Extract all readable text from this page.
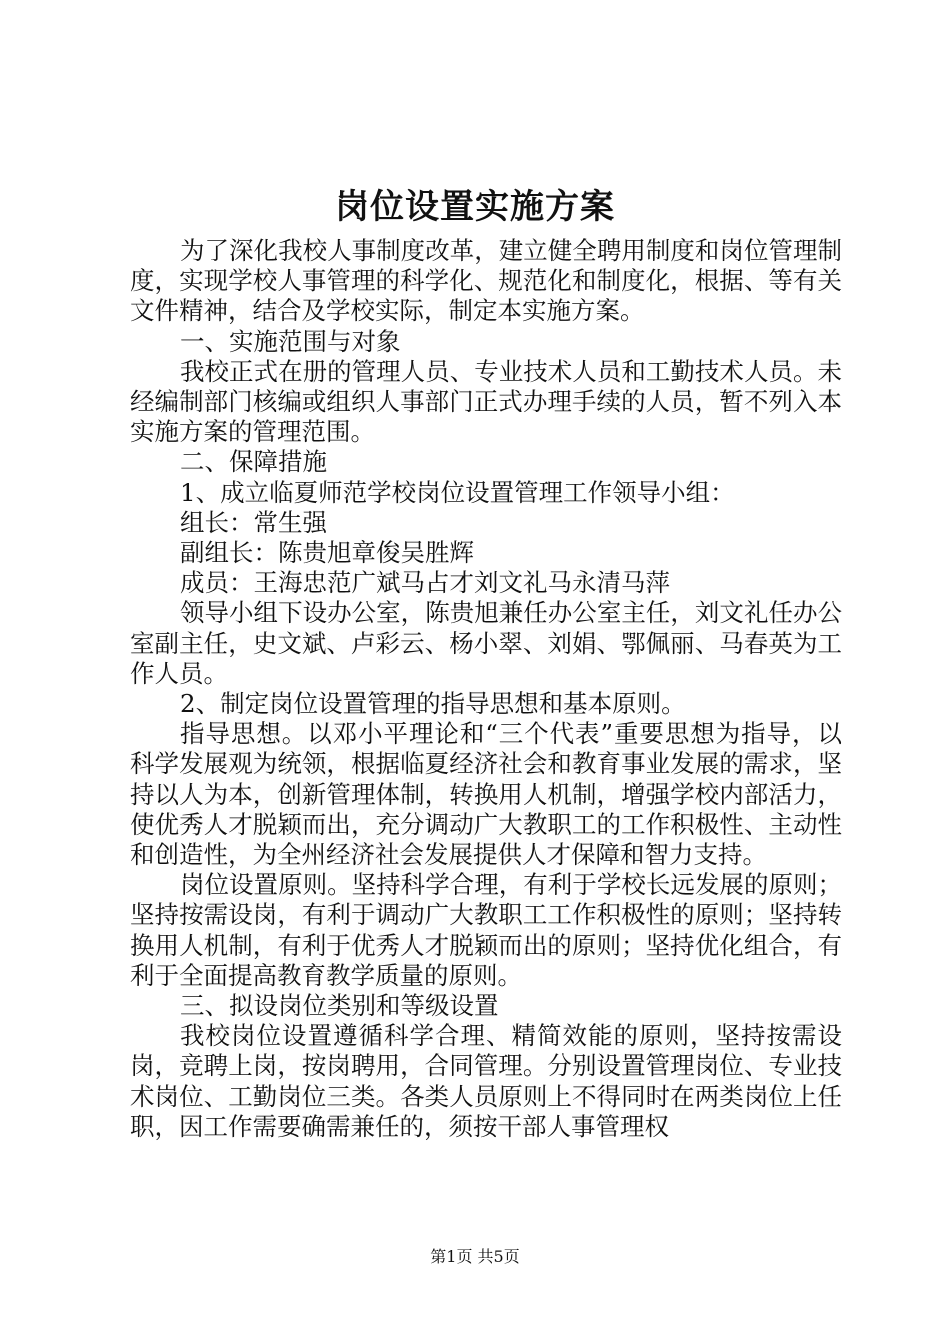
岗位设置实施方案

为了深化我校人事制度改革，建立健全聘用制度和岗位管理制度，实现学校人事管理的科学化、规范化和制度化，根据、等有关文件精神，结合及学校实际，制定本实施方案。

一、实施范围与对象

我校正式在册的管理人员、专业技术人员和工勤技术人员。未经编制部门核编或组织人事部门正式办理手续的人员，暂不列入本实施方案的管理范围。

二、保障措施

1、成立临夏师范学校岗位设置管理工作领导小组：

组长：常生强

副组长：陈贵旭章俊吴胜辉

成员：王海忠范广斌马占才刘文礼马永清马萍

领导小组下设办公室，陈贵旭兼任办公室主任，刘文礼任办公室副主任，史文斌、卢彩云、杨小翠、刘娟、鄂佩丽、马春英为工作人员。

2、制定岗位设置管理的指导思想和基本原则。

指导思想。以邓小平理论和“三个代表”重要思想为指导，以科学发展观为统领，根据临夏经济社会和教育事业发展的需求，坚持以人为本，创新管理体制，转换用人机制，增强学校内部活力，使优秀人才脱颖而出，充分调动广大教职工的工作积极性、主动性和创造性，为全州经济社会发展提供人才保障和智力支持。

岗位设置原则。坚持科学合理，有利于学校长远发展的原则；坚持按需设岗，有利于调动广大教职工工作积极性的原则；坚持转换用人机制，有利于优秀人才脱颖而出的原则；坚持优化组合，有利于全面提高教育教学质量的原则。

三、拟设岗位类别和等级设置

我校岗位设置遵循科学合理、精简效能的原则，坚持按需设岗，竞聘上岗，按岗聘用，合同管理。分别设置管理岗位、专业技术岗位、工勤岗位三类。各类人员原则上不得同时在两类岗位上任职，因工作需要确需兼任的，须按干部人事管理权

第1页 共5页
